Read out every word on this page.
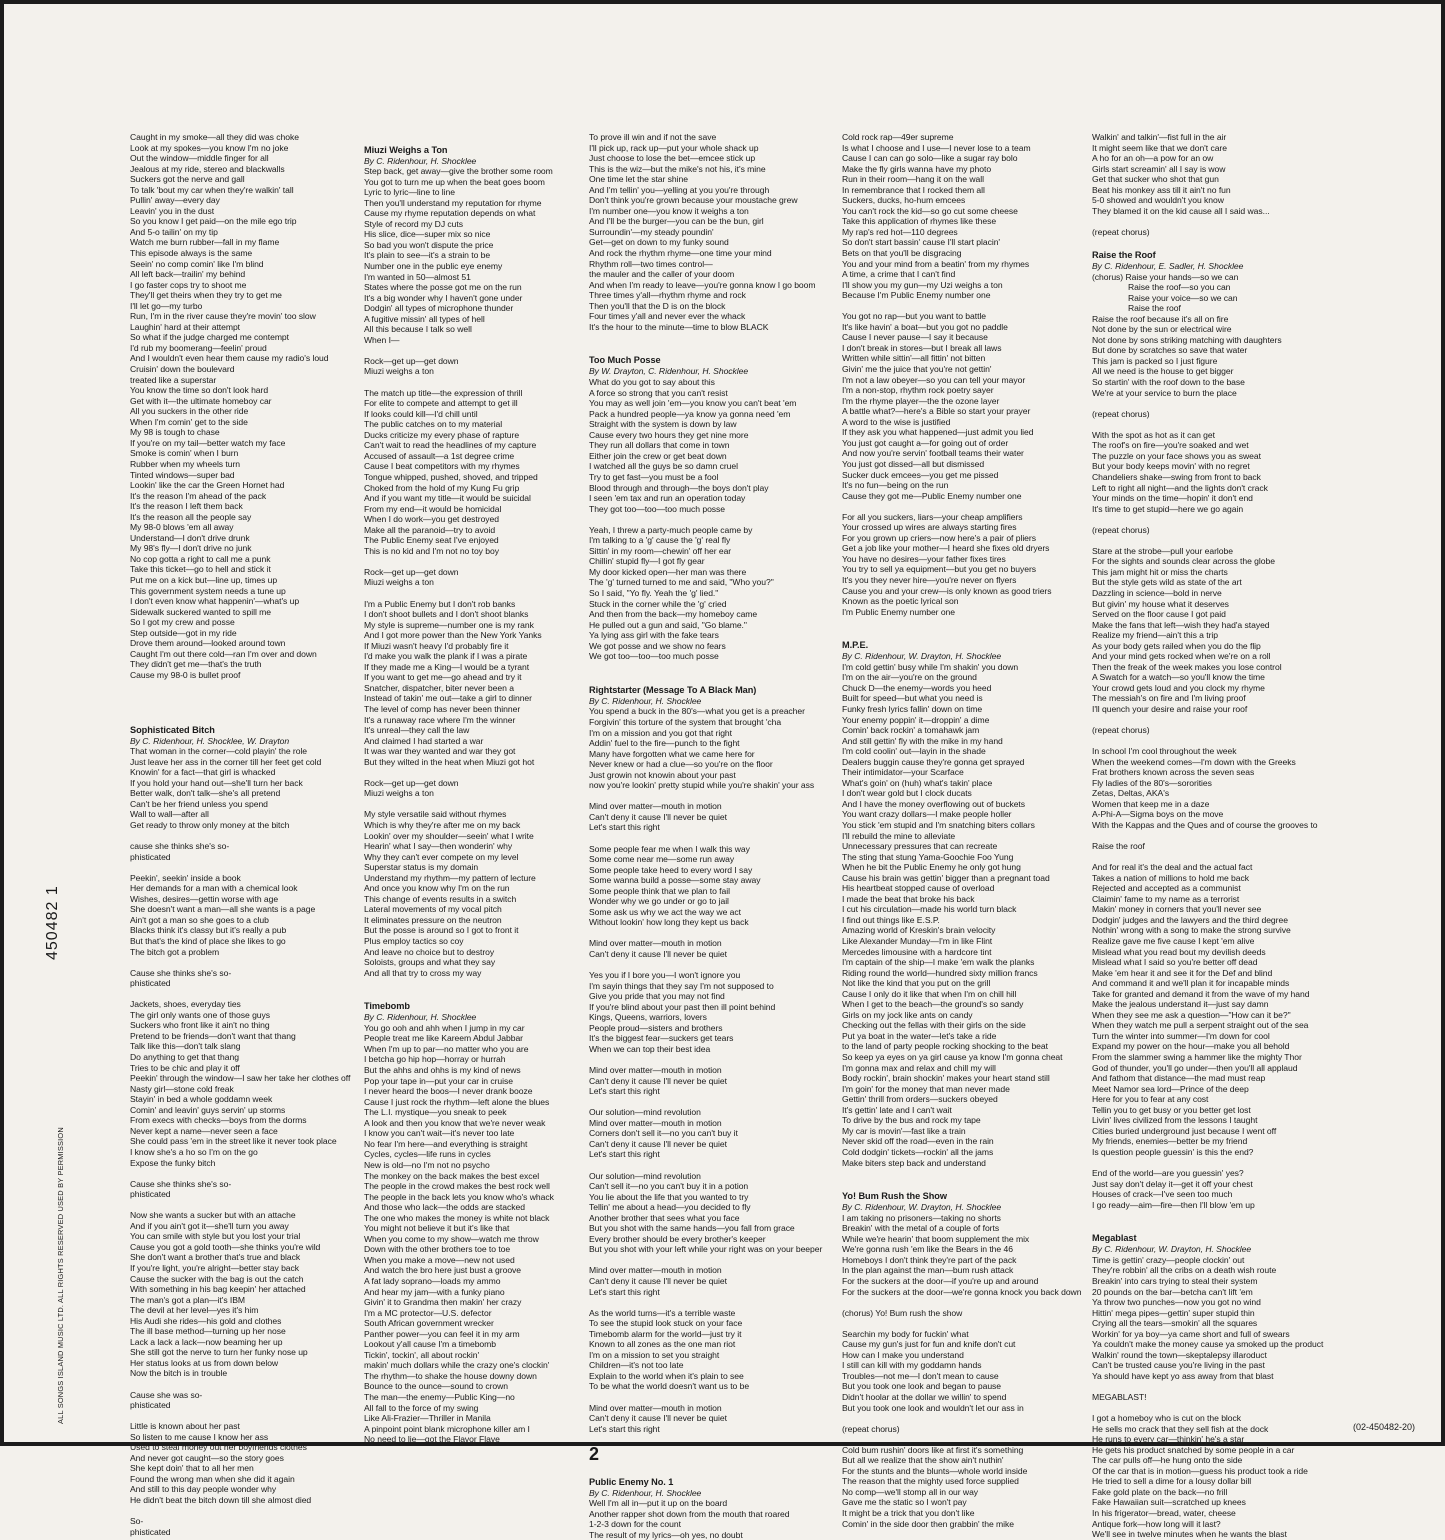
Caught in my smoke—all they did was choke
Look at my spokes—you know I'm no joke
Out the window—middle finger for all
Jealous at my ride, stereo and blackwalls
Suckers got the nerve and gall
To talk 'bout my car when they're walkin' tall
Pullin' away—every day
Leavin' you in the dust
So you know I get paid—on the mile ego trip
And 5-o tailin' on my tip
Watch me burn rubber—fall in my flame
This episode always is the same
Seein' no comp comin' like I'm blind
All left back—trailin' my behind
I go faster cops try to shoot me
They'll get theirs when they try to get me
I'll let go—my turbo
Run, I'm in the river cause they're movin' too slow
Laughin' hard at their attempt
So what if the judge charged me contempt
I'd rub my boomerang—feelin' proud
And I wouldn't even hear them cause my radio's loud
Cruisin' down the boulevard
treated like a superstar
You know the time so don't look hard
Get with it—the ultimate homeboy car
All you suckers in the other ride
When I'm comin' get to the side
My 98 is tough to chase
If you're on my tail—better watch my face
Smoke is comin' when I burn
Rubber when my wheels turn
Tinted windows—super bad
Lookin' like the car the Green Hornet had
It's the reason I'm ahead of the pack
It's the reason I left them back
It's the reason all the people say
My 98-0 blows 'em all away
Understand—I don't drive drunk
My 98's fly—I don't drive no junk
No cop gotta a right to call me a punk
Take this ticket—go to hell and stick it
Put me on a kick but—line up, times up
This government system needs a tune up
I don't even know what happenin'—what's up
Sidewalk suckered wanted to spill me
So I got my crew and posse
Step outside—got in my ride
Drove them around—looked around town
Caught I'm out there cold—ran I'm over and down
They didn't get me—that's the truth
Cause my 98-0 is bullet proof
Sophisticated Bitch
By C. Ridenhour, H. Shocklee, W. Drayton
That woman in the corner—cold playin' the role
Just leave her ass in the corner till her feet get cold
Knowin' for a fact—that girl is whacked
If you hold your hand out—she'll turn her back
Better walk, don't talk—she's all pretend
Can't be her friend unless you spend
Wall to wall—after all
Get ready to throw only money at the bitch
cause she thinks she's so-
phisticated
Peekin', seekin' inside a book
Her demands for a man with a chemical look
Wishes, desires—gettin worse with age
She doesn't want a man—all she wants is a page
Ain't got a man so she goes to a club
Blacks think it's classy but it's really a pub
But that's the kind of place she likes to go
The bitch got a problem
Cause she thinks she's so-
phisticated
Jackets, shoes, everyday ties
The girl only wants one of those guys
Suckers who front like it ain't no thing
Pretend to be friends—don't want that thang
Talk like this—don't talk slang
Do anything to get that thang
Tries to be chic and play it off
Peekin' through the window—I saw her take her clothes off
Nasty girl—stone cold freak
Stayin' in bed a whole goddamn week
Comin' and leavin' guys servin' up storms
From execs with checks—boys from the dorms
Never kept a name—never seen a face
She could pass 'em in the street like it never took place
I know she's a ho so I'm on the go
Expose the funky bitch
Cause she thinks she's so-
phisticated
Now she wants a sucker but with an attache
And if you ain't got it—she'll turn you away
You can smile with style but you lost your trial
Cause you got a gold tooth—she thinks you're wild
She don't want a brother that's true and black
If you're light, you're alright—better stay back
Cause the sucker with the bag is out the catch
With something in his bag keepin' her attached
The man's got a plan—it's IBM
The devil at her level—yes it's him
His Audi she rides—his gold and clothes
The ill base method—turning up her nose
Lack a lack a lack—now beaming her up
She still got the nerve to turn her funky nose up
Her status looks at us from down below
Now the bitch is in trouble
Cause she was so-
phisticated
Little is known about her past
So listen to me cause I know her ass
Used to steal money out her boyfriends clothes
And never got caught—so the story goes
She kept doin' that to all her men
Found the wrong man when she did it again
And still to this day people wonder why
He didn't beat the bitch down till she almost died
So-
phisticated
Miuzi Weighs a Ton
By C. Ridenhour, H. Shocklee
Step back, get away—give the brother some room
You got to turn me up when the beat goes boom
Lyric to lyric—line to line
Then you'll understand my reputation for rhyme
Cause my rhyme reputation depends on what
Style of record my DJ cuts
His slice, dice—super mix so nice
So bad you won't dispute the price
It's plain to see—it's a strain to be
Number one in the public eye enemy
I'm wanted in 50—almost 51
States where the posse got me on the run
It's a big wonder why I haven't gone under
Dodgin' all types of microphone thunder
A fugitive missin' all types of hell
All this because I talk so well
When I—
Rock—get up—get down
Miuzi weighs a ton
The match up title—the expression of thrill
For elite to compete and attempt to get ill
If looks could kill—I'd chill until
The public catches on to my material
Ducks criticize my every phase of rapture
Can't wait to read the headlines of my capture
Accused of assault—a 1st degree crime
Cause I beat competitors with my rhymes
Tongue whipped, pushed, shoved, and tripped
Choked from the hold of my Kung Fu grip
And if you want my title—it would be suicidal
From my end—it would be homicidal
When I do work—you get destroyed
Make all the paranoid—try to avoid
The Public Enemy seat I've enjoyed
This is no kid and I'm not no toy boy
Rock—get up—get down
Miuzi weighs a ton
I'm a Public Enemy but I don't rob banks
I don't shoot bullets and I don't shoot blanks
My style is supreme—number one is my rank
And I got more power than the New York Yanks
If Miuzi wasn't heavy I'd probably fire it
I'd make you walk the plank if I was a pirate
If they made me a King—I would be a tyrant
If you want to get me—go ahead and try it
Snatcher, dispatcher, biter never been a
Instead of takin' me out—take a girl to dinner
The level of comp has never been thinner
It's a runaway race where I'm the winner
It's unreal—they call the law
And claimed I had started a war
It was war they wanted and war they got
But they wilted in the heat when Miuzi got hot
Rock—get up—get down
Miuzi weighs a ton
My style versatile said without rhymes
Which is why they're after me on my back
Lookin' over my shoulder—seein' what I write
Hearin' what I say—then wonderin' why
Why they can't ever compete on my level
Superstar status is my domain
Understand my rhythm—my pattern of lecture
And once you know why I'm on the run
This change of events results in a switch
Lateral movements of my vocal pitch
It eliminates pressure on the neutron
But the posse is around so I got to front it
Plus employ tactics so coy
And leave no choice but to destroy
Soloists, groups and what they say
And all that try to cross my way
Timebomb
By C. Ridenhour, H. Shocklee
You go ooh and ahh when I jump in my car
People treat me like Kareem Abdul Jabbar
When I'm up to par—no matter who you are
I betcha go hip hop—horray or hurrah
But the ahhs and ohhs is my kind of news
Pop your tape in—put your car in cruise
I never heard the boos—I never drank booze
Cause I just rock the rhythm—left alone the blues
The L.I. mystique—you sneak to peek
A look and then you know that we're never weak
I know you can't wait—it's never too late
No fear I'm here—and everything is straight
Cycles, cycles—life runs in cycles
New is old—no I'm not no psycho
The monkey on the back makes the best excel
The people in the crowd makes the best rock well
The people in the back lets you know who's whack
And those who lack—the odds are stacked
The one who makes the money is white not black
You might not believe it but it's like that
When you come to my show—watch me throw
Down with the other brothers toe to toe
When you make a move—new not used
And watch the bro here just bust a groove
A fat lady soprano—loads my ammo
And hear my jam—with a funky piano
Givin' it to Grandma then makin' her crazy
I'm a MC protector—U.S. defector
South African government wrecker
Panther power—you can feel it in my arm
Lookout y'all cause I'm a timebomb
Tickin', tockin', all about rockin'
makin' much dollars while the crazy one's clockin'
The rhythm—to shake the house downy down
Bounce to the ounce—sound to crown
The man—the enemy—Public King—no
All fall to the force of my swing
Like Ali-Frazier—Thriller in Manila
A pinpoint point blank microphone killer am I
No need to lie—got the Flavor Flave
To prove ill win and if not the save
I'll pick up, rack up—put your whole shack up
Just choose to lose the bet—emcee stick up
This is the wiz—but the mike's not his, it's mine
One time let the star shine
And I'm tellin' you—yelling at you you're through
Don't think you're grown because your moustache grew
I'm number one—you know it weighs a ton
And I'll be the burger—you can be the bun, girl
Surroundin'—my steady poundin'
Get—get on down to my funky sound
And rock the rhythm rhyme—one time your mind
Rhythm roll—two times control—
the mauler and the caller of your doom
And when I'm ready to leave—you're gonna know I go boom
Three times y'all—rhythm rhyme and rock
Then you'll that the D is on the block
Four times y'all and never ever the whack
It's the hour to the minute—time to blow BLACK
Too Much Posse
By W. Drayton, C. Ridenhour, H. Shocklee
What do you got to say about this
A force so strong that you can't resist
You may as well join 'em—you know you can't beat 'em
Pack a hundred people—ya know ya gonna need 'em
Straight with the system is down by law
Cause every two hours they get nine more
They run all dollars that come in town
Either join the crew or get beat down
I watched all the guys be so damn cruel
Try to get fast—you must be a fool
Blood through and through—the boys don't play
I seen 'em tax and run an operation today
They got too—too—too much posse
Yeah, I threw a party-much people came by
I'm talking to a 'g' cause the 'g' real fly
Sittin' in my room—chewin' off her ear
Chillin' stupid fly—I got fly gear
My door kicked open—her man was there
The 'g' turned turned to me and said, "Who you?"
So I said, "Yo fly. Yeah the 'g' lied."
Stuck in the corner while the 'g' cried
And then from the back—my homeboy came
He pulled out a gun and said, "Go blame."
Ya lying ass girl with the fake tears
We got posse and we show no fears
We got too—too—too much posse
Rightstarter (Message To A Black Man)
By C. Ridenhour, H. Shocklee
You spend a buck in the 80's—what you get is a preacher
Forgivin' this torture of the system that brought 'cha
I'm on a mission and you got that right
Addin' fuel to the fire—punch to the fight
Many have forgotten what we came here for
Never knew or had a clue—so you're on the floor
Just growin not knowin about your past
now you're lookin' pretty stupid while you're shakin' your ass
Mind over matter—mouth in motion
Can't deny it cause I'll never be quiet
Let's start this right
Some people fear me when I walk this way
Some come near me—some run away
Some people take heed to every word I say
Some wanna build a posse—some stay away
Some people think that we plan to fail
Wonder why we go under or go to jail
Some ask us why we act the way we act
Without lookin' how long they kept us back
Mind over matter—mouth in motion
Can't deny it cause I'll never be quiet
Yes you if I bore you—I won't ignore you
I'm sayin things that they say I'm not supposed to
Give you pride that you may not find
If you're blind about your past then ill point behind
Kings, Queens, warriors, lovers
People proud—sisters and brothers
It's the biggest fear—suckers get tears
When we can top their best idea
Mind over matter—mouth in motion
Can't deny it cause I'll never be quiet
Let's start this right
Our solution—mind revolution
Mind over matter—mouth in motion
Corners don't sell it—no you can't buy it
Can't deny it cause I'll never be quiet
Let's start this right
Our solution—mind revolution
Can't sell it—no you can't buy it in a potion
You lie about the life that you wanted to try
Tellin' me about a head—you decided to fly
Another brother that sees what you face
But you shot with the same hands—you fall from grace
Every brother should be every brother's keeper
But you shot with your left while your right was on your beeper
Mind over matter—mouth in motion
Can't deny it cause I'll never be quiet
Let's start this right
As the world turns—it's a terrible waste
To see the stupid look stuck on your face
Timebomb alarm for the world—just try it
Known to all zones as the one man riot
I'm on a mission to set you straight
Children—it's not too late
Explain to the world when it's plain to see
To be what the world doesn't want us to be
Mind over matter—mouth in motion
Can't deny it cause I'll never be quiet
Let's start this right
2
Public Enemy No. 1
By C. Ridenhour, H. Shocklee
Well I'm all in—put it up on the board
Another rapper shot down from the mouth that roared
1-2-3 down for the count
The result of my lyrics—oh yes, no doubt
Cold rock rap—49er supreme
Is what I choose and I use—I never lose to a team
Cause I can can go solo—like a sugar ray bolo
Make the fly girls wanna have my photo
Run in their room—hang it on the wall
In remembrance that I rocked them all
Suckers, ducks, ho-hum emcees
You can't rock the kid—so go cut some cheese
Take this application of rhymes like these
My rap's red hot—110 degrees
So don't start bassin' cause I'll start placin'
Bets on that you'll be disgracing
You and your mind from a beatin' from my rhymes
A time, a crime that I can't find
I'll show you my gun—my Uzi weighs a ton
Because I'm Public Enemy number one
You got no rap—but you want to battle
It's like havin' a boat—but you got no paddle
Cause I never pause—I say it because
I don't break in stores—but I break all laws
Written while sittin'—all fittin' not bitten
Givin' me the juice that you're not gettin'
I'm not a law obeyer—so you can tell your mayor
I'm a non-stop, rhythm rock poetry sayer
I'm the rhyme player—the the ozone layer
A battle what?—here's a Bible so start your prayer
A word to the wise is justified
If they ask you what happened—just admit you lied
You just got caught a—for going out of order
And now you're servin' football teams their water
You just got dissed—all but dismissed
Sucker duck emcees—you get me pissed
It's no fun—being on the run
Cause they got me—Public Enemy number one
For all you suckers, liars—your cheap amplifiers
Your crossed up wires are always starting fires
For you grown up criers—now here's a pair of pliers
Get a job like your mother—I heard she fixes old dryers
You have no desires—your father fixes tires
You try to sell ya equipment—but you get no buyers
It's you they never hire—you're never on flyers
Cause you and your crew—is only known as good triers
Known as the poetic lyrical son
I'm Public Enemy number one
M.P.E.
By C. Ridenhour, W. Drayton, H. Shocklee
I'm cold gettin' busy while I'm shakin' you down
I'm on the air—you're on the ground
Chuck D—the enemy—words you heed
Built for speed—but what you need is
Funky fresh lyrics fallin' down on time
Your enemy poppin' it—droppin' a dime
Comin' back rockin' a tomahawk jam
And still gettin' fly with the mike in my hand
I'm cold coolin' out—layin in the shade
Dealers buggin cause they're gonna get sprayed
Their intimidator—your Scarface
What's goin' on (huh) what's takin' place
I don't wear gold but I clock ducats
And I have the money overflowing out of buckets
You want crazy dollars—I make people holler
You stick 'em stupid and I'm snatching biters collars
I'll rebuild the mine to alleviate
Unnecessary pressures that can recreate
The sting that stung Yama-Goochie Foo Yung
When he bit the Public Enemy he only got hung
Cause his brain was gettin' bigger than a pregnant toad
His heartbeat stopped cause of overload
I made the beat that broke his back
I cut his circulation—made his world turn black
I find out things like E.S.P.
Amazing world of Kreskin's brain velocity
Like Alexander Munday—I'm in like Flint
Mercedes limousine with a hardcore tint
I'm captain of the ship—I make 'em walk the planks
Riding round the world—hundred sixty million francs
Not like the kind that you put on the grill
Cause I only do it like that when I'm on chill hill
When I get to the beach—the ground's so sandy
Girls on my jock like ants on candy
Checking out the fellas with their girls on the side
Put ya boat in the water—let's take a ride
to the land of party people rocking shocking to the beat
So keep ya eyes on ya girl cause ya know I'm gonna cheat
I'm gonna max and relax and chill my will
Body rockin', brain shockin' makes your heart stand still
I'm goin' for the money that man never made
Gettin' thrill from orders—suckers obeyed
It's gettin' late and I can't wait
To drive by the bus and rock my tape
My car is movin'—fast like a train
Never skid off the road—even in the rain
Cold dodgin' tickets—rockin' all the jams
Make biters step back and understand
Yo! Bum Rush the Show
By C. Ridenhour, W. Drayton, H. Shocklee
I am taking no prisoners—taking no shorts
Breakin' with the metal of a couple of forts
While we're hearin' that boom supplement the mix
We're gonna rush 'em like the Bears in the 46
Homeboys I don't think they're part of the pack
In the plan against the man—bum rush attack
For the suckers at the door—if you're up and around
For the suckers at the door—we're gonna knock you back down
(chorus) Yo! Bum rush the show
Searchin my body for fuckin' what
Cause my gun's just for fun and knife don't cut
How can I make you understand
I still can kill with my goddamn hands
Troubles—not me—I don't mean to cause
But you took one look and began to pause
Didn't hoolar at the dollar we willin' to spend
But you took one look and wouldn't let our ass in
(repeat chorus)
Cold bum rushin' doors like at first it's something
But all we realize that the show ain't nuthin'
For the stunts and the blunts—whole world inside
The reason that the mighty used force supplied
No comp—we'll stomp all in our way
Gave me the static so I won't pay
It might be a trick that you don't like
Comin' in the side door then grabbin' the mike
Walkin' and talkin'—fist full in the air
It might seem like that we don't care
A ho for an oh—a pow for an ow
Girls start screamin' all I say is wow
Get that sucker who shot that gun
Beat his monkey ass till it ain't no fun
5-0 showed and wouldn't you know
They blamed it on the kid cause all I said was...
(repeat chorus)
Raise the Roof
By C. Ridenhour, E. Sadler, H. Shocklee
(chorus) Raise your hands—so we can
Raise the roof—so you can
Raise your voice—so we can
Raise the roof
Raise the roof because it's all on fire
Not done by the sun or electrical wire
Not done by sons striking matching with daughters
But done by scratches so save that water
This jam is packed so I just figure
All we need is the house to get bigger
So startin' with the roof down to the base
We're at your service to burn the place
(repeat chorus)
With the spot as hot as it can get
The roof's on fire—you're soaked and wet
The puzzle on your face shows you as sweat
But your body keeps movin' with no regret
Chandeliers shake—swing from front to back
Left to right all night—and the lights don't crack
Your minds on the time—hopin' it don't end
It's time to get stupid—here we go again
(repeat chorus)
Stare at the strobe—pull your earlobe
For the sights and sounds clear across the globe
This jam might hit or miss the charts
But the style gets wild as state of the art
Dazzling in science—bold in nerve
But givin' my house what it deserves
Served on the floor cause I got paid
Make the fans that left—wish they had'a stayed
Realize my friend—ain't this a trip
As your body gets railed when you do the flip
And your mind gets rocked when we're on a roll
Then the freak of the week makes you lose control
A Swatch for a watch—so you'll know the time
Your crowd gets loud and you clock my rhyme
The messiah's on fire and I'm living proof
I'll quench your desire and raise your roof
(repeat chorus)
In school I'm cool throughout the week
When the weekend comes—I'm down with the Greeks
Frat brothers known across the seven seas
Fly ladies of the 80's—sororities
Zetas, Deltas, AKA's
Women that keep me in a daze
A-Phi-A—Sigma boys on the move
With the Kappas and the Ques and of course the grooves to
Raise the roof
And for real it's the deal and the actual fact
Takes a nation of millions to hold me back
Rejected and accepted as a communist
Claimin' fame to my name as a terrorist
Makin' money in corners that you'll never see
Dodgin' judges and the lawyers and the third degree
Nothin' wrong with a song to make the strong survive
Realize gave me five cause I kept 'em alive
Mislead what you read bout my devilish deeds
Mislead what I said so you're better off dead
Make 'em hear it and see it for the Def and blind
And command it and we'll plan it for incapable minds
Take for granted and demand it from the wave of my hand
Make the jealous understand it—just say damn
When they see me ask a question—"How can it be?"
When they watch me pull a serpent straight out of the sea
Turn the winter into summer—I'm down for cool
Expand my power on the hour—make you all behold
From the slammer swing a hammer like the mighty Thor
God of thunder, you'll go under—then you'll all applaud
And fathom that distance—the mad must reap
Meet Namor sea lord—Prince of the deep
Here for you to fear at any cost
Tellin you to get busy or you better get lost
Livin' lives civilized from the lessons I taught
Cities buried underground just because I went off
My friends, enemies—better be my friend
Is question people guessin' is this the end?
End of the world—are you guessin' yes?
Just say don't delay it—get it off your chest
Houses of crack—I've seen too much
I go ready—aim—fire—then I'll blow 'em up
Megablast
By C. Ridenhour, W. Drayton, H. Shocklee
Time is gettin' crazy—people clockin' out
They're robbin' all the cribs on a death wish route
Breakin' into cars trying to steal their system
20 pounds on the bar—betcha can't lift 'em
Ya throw two punches—now you got no wind
Hittin' mega pipes—gettin' super stupid thin
Crying all the tears—smokin' all the squares
Workin' for ya boy—ya came short and full of swears
Ya couldn't make the money cause ya smoked up the product
Walkin' round the town—skeptalepsy illaroduct
Can't be trusted cause you're living in the past
Ya should have kept yo ass away from that blast
MEGABLAST!
I got a homeboy who is cut on the block
He sells mo crack that they sell fish at the dock
He runs to every car—thinkin' he's a star
He gets his product snatched by some people in a car
The car pulls off—he hung onto the side
Of the car that is in motion—guess his product took a ride
He tried to sell a dime for a lousy dollar bill
Fake gold plate on the back—no frill
Fake Hawaiian suit—scratched up knees
In his frigerator—bread, water, cheese
Antique fork—how long will it last?
We'll see in twelve minutes when he wants the blast
450482 1
ALL SONGS ISLAND MUSIC LTD. ALL RIGHTS RESERVED USED BY PERMISSION
(02-450482-20)
